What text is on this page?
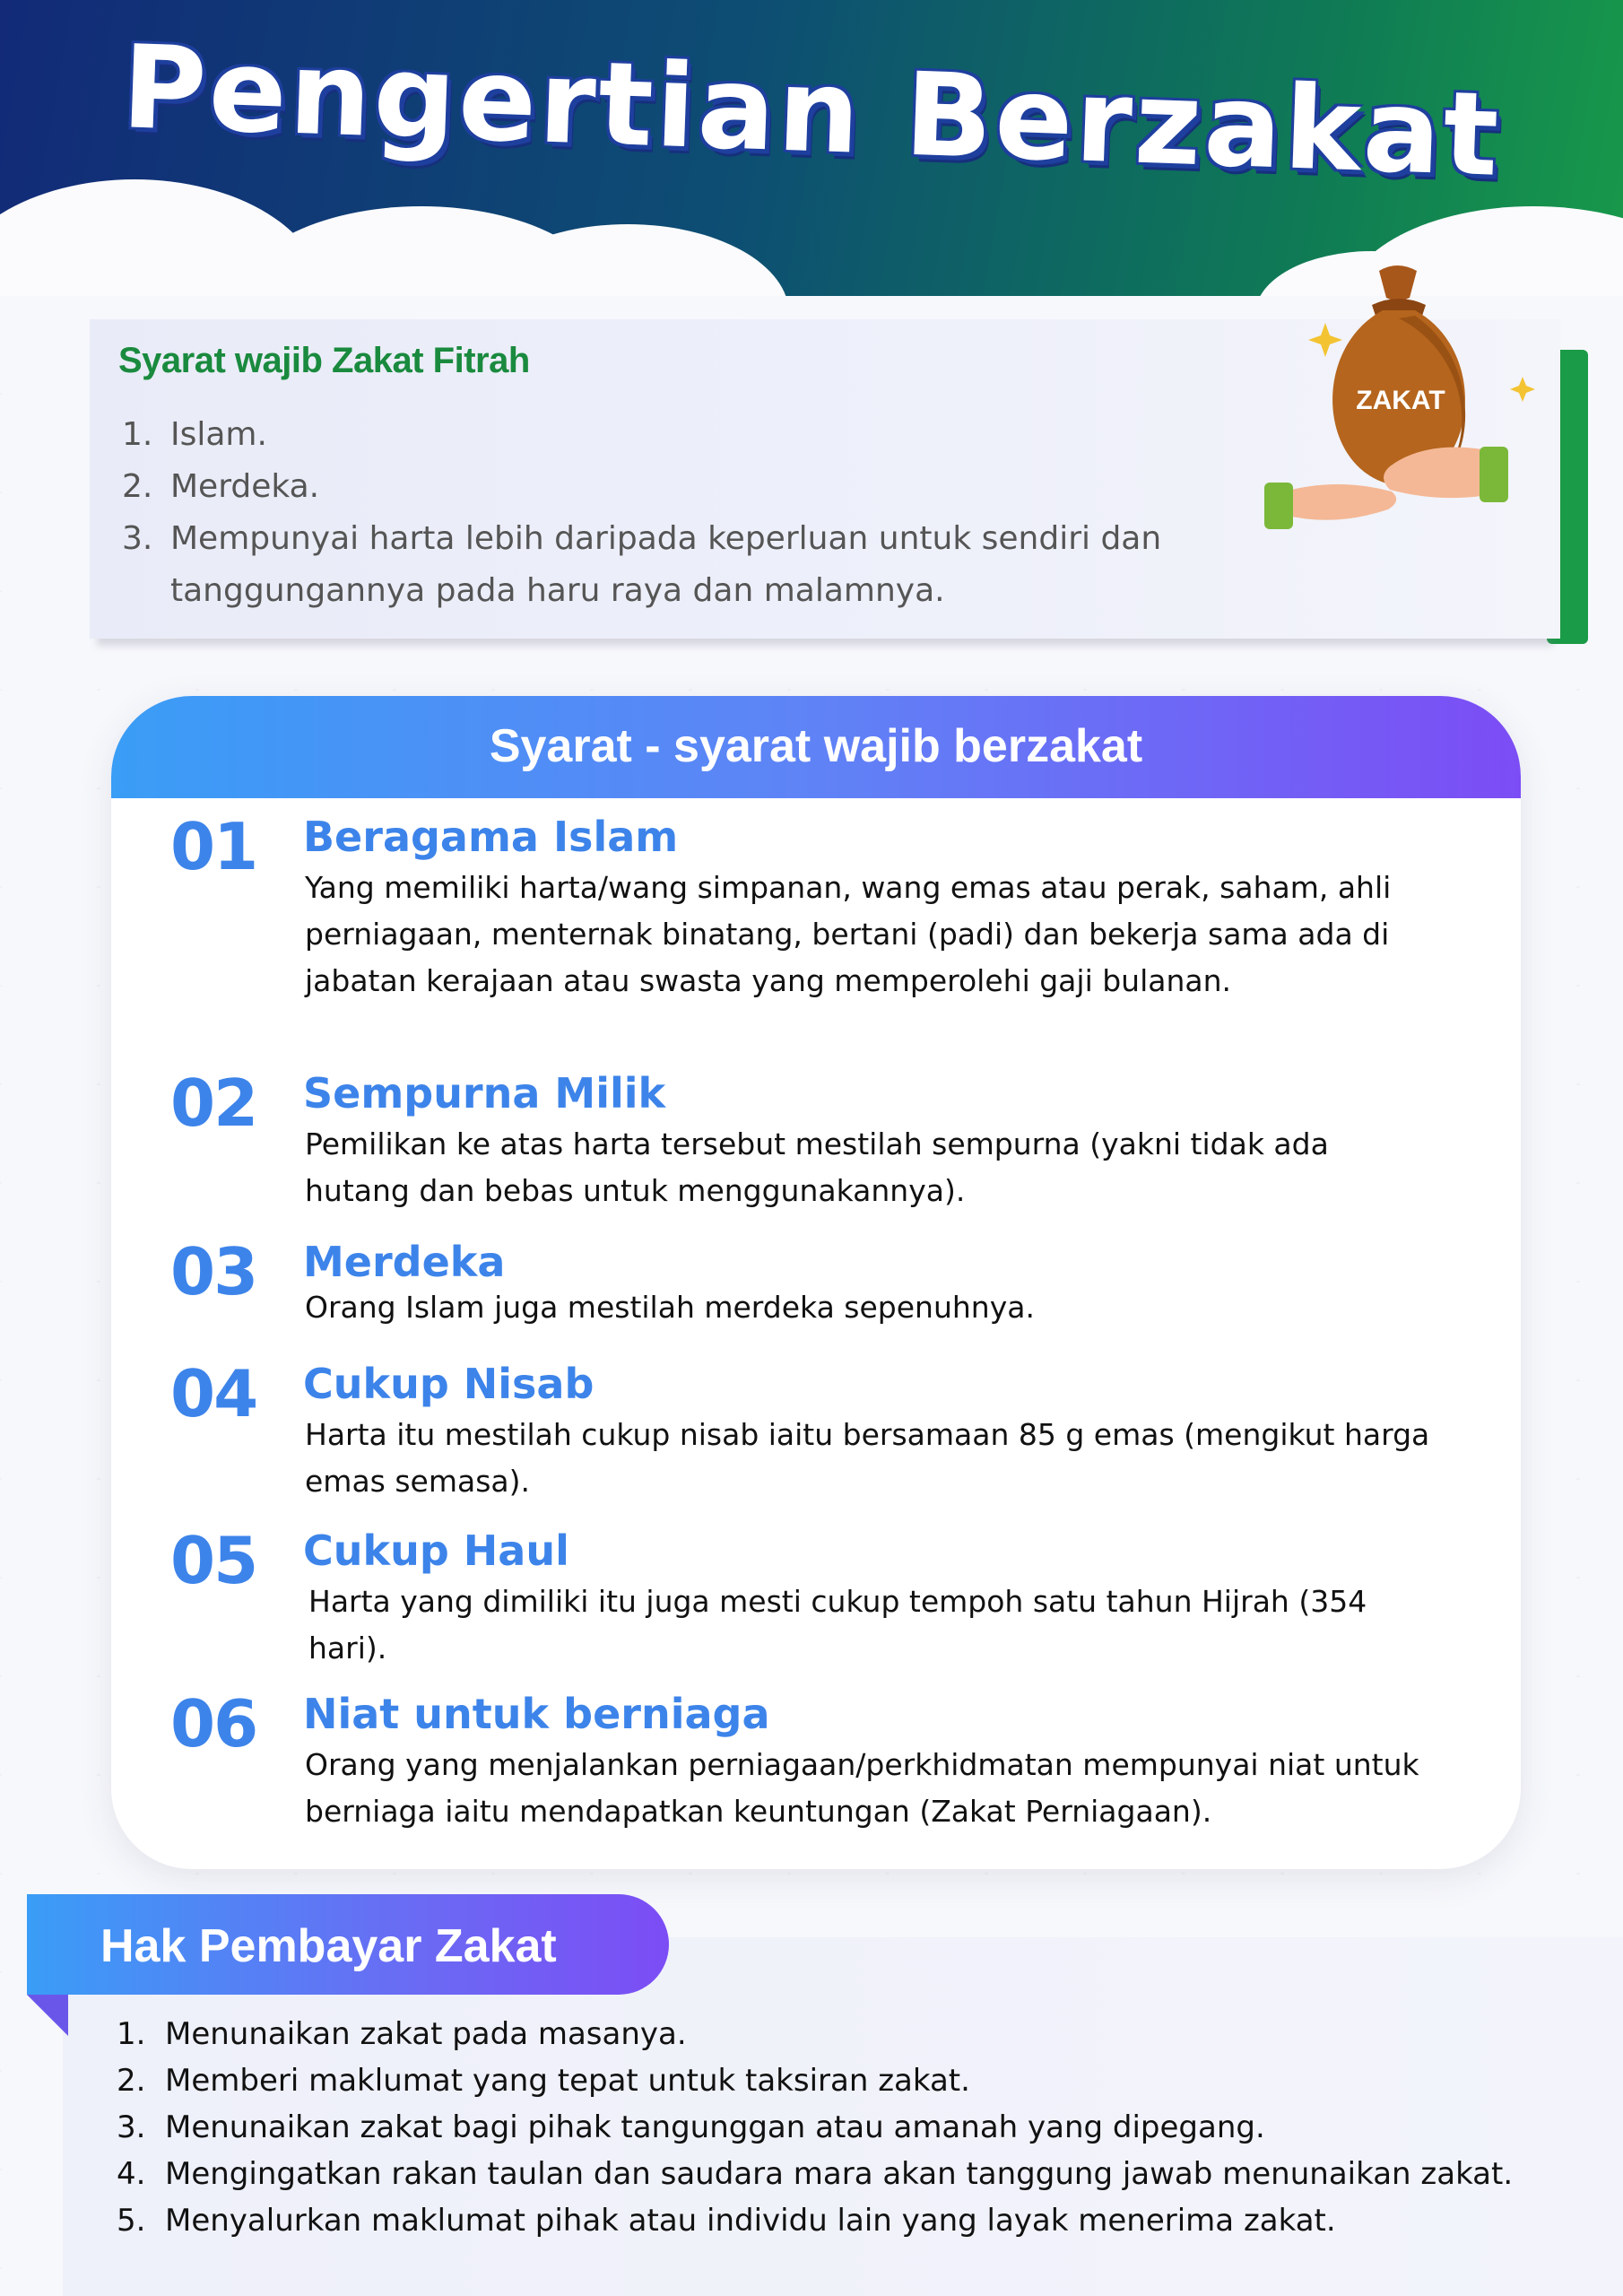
Pengertian Berzakat
Syarat wajib Zakat Fitrah
1. Islam.
2. Merdeka.
3. Mempunyai harta lebih daripada keperluan untuk sendiri dan tanggungannya pada haru raya dan malamnya.
ZAKAT
Syarat - syarat wajib berzakat
01 Beragama Islam
Yang memiliki harta/wang simpanan, wang emas atau perak, saham, ahli perniagaan, menternak binatang, bertani (padi) dan bekerja sama ada di jabatan kerajaan atau swasta yang memperolehi gaji bulanan.
02 Sempurna Milik
Pemilikan ke atas harta tersebut mestilah sempurna (yakni tidak ada hutang dan bebas untuk menggunakannya).
03 Merdeka
Orang Islam juga mestilah merdeka sepenuhnya.
04 Cukup Nisab
Harta itu mestilah cukup nisab iaitu bersamaan 85 g emas (mengikut harga emas semasa).
05 Cukup Haul
Harta yang dimiliki itu juga mesti cukup tempoh satu tahun Hijrah (354 hari).
06 Niat untuk berniaga
Orang yang menjalankan perniagaan/perkhidmatan mempunyai niat untuk berniaga iaitu mendapatkan keuntungan (Zakat Perniagaan).
Hak Pembayar Zakat
1. Menunaikan zakat pada masanya.
2. Memberi maklumat yang tepat untuk taksiran zakat.
3. Menunaikan zakat bagi pihak tangunggan atau amanah yang dipegang.
4. Mengingatkan rakan taulan dan saudara mara akan tanggung jawab menunaikan zakat.
5. Menyalurkan maklumat pihak atau individu lain yang layak menerima zakat.
